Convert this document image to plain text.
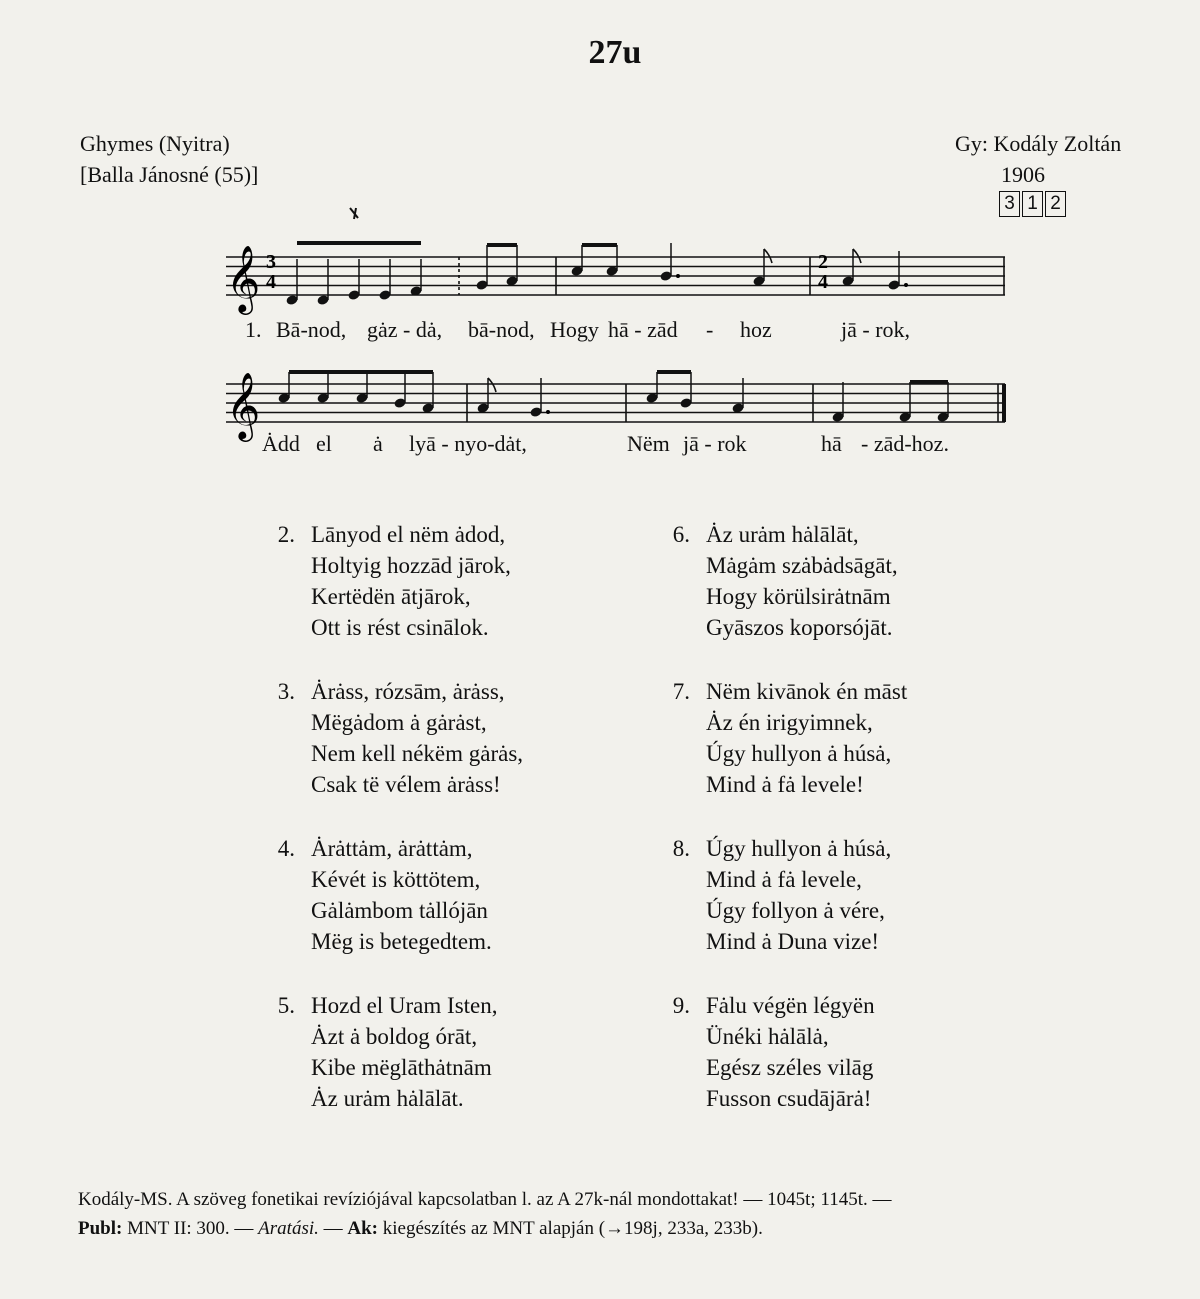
27u
Ghymes (Nyitra)
[Balla Jánosné (55)]
Gy: Kodály Zoltán
1906
3 1 2
𝄞
𝄞
3
4
2
4
1. Bā-nod, gȧz - dȧ, bā-nod, Hogy hā - zād - hoz	jā - rok,
Ȧdd el ȧ lyā - nyo-dȧt,	Nëm jā - rok	hā - zād-hoz.
2. Lānyod el nëm ȧdod,
Holtyig hozzād jārok,
Kertëdën ātjārok,
Ott is rést csinālok.
3. Ȧrȧss, rózsām, ȧrȧss,
Mëgȧdom ȧ gȧrȧst,
Nem kell nékëm gȧrȧs,
Csak të vélem ȧrȧss!
4. Ȧrȧttȧm, ȧrȧttȧm,
Kévét is köttötem,
Gȧlȧmbom tȧllójān
Mëg is betegedtem.
5. Hozd el Uram Isten,
Ȧzt ȧ boldog órāt,
Kibe mëglāthȧtnām
Ȧz urȧm hȧlālāt.
6. Ȧz urȧm hȧlālāt,
Mȧgȧm szȧbȧdsāgāt,
Hogy körülsirȧtnām
Gyāszos koporsójāt.
7. Nëm kivānok én māst
Ȧz én irigyimnek,
Úgy hullyon ȧ húsȧ,
Mind ȧ fȧ levele!
8. Úgy hullyon ȧ húsȧ,
Mind ȧ fȧ levele,
Úgy follyon ȧ vére,
Mind ȧ Duna vize!
9. Fȧlu végën légyën
Ünéki hȧlālȧ,
Egész széles vilāg
Fusson csudājārȧ!
Kodály-MS. A szöveg fonetikai revíziójával kapcsolatban l. az A 27k-nál mondottakat! — 1045t; 1145t. —
Publ: MNT II: 300. — Aratási. — Ak: kiegészítés az MNT alapján (→198j, 233a, 233b).
